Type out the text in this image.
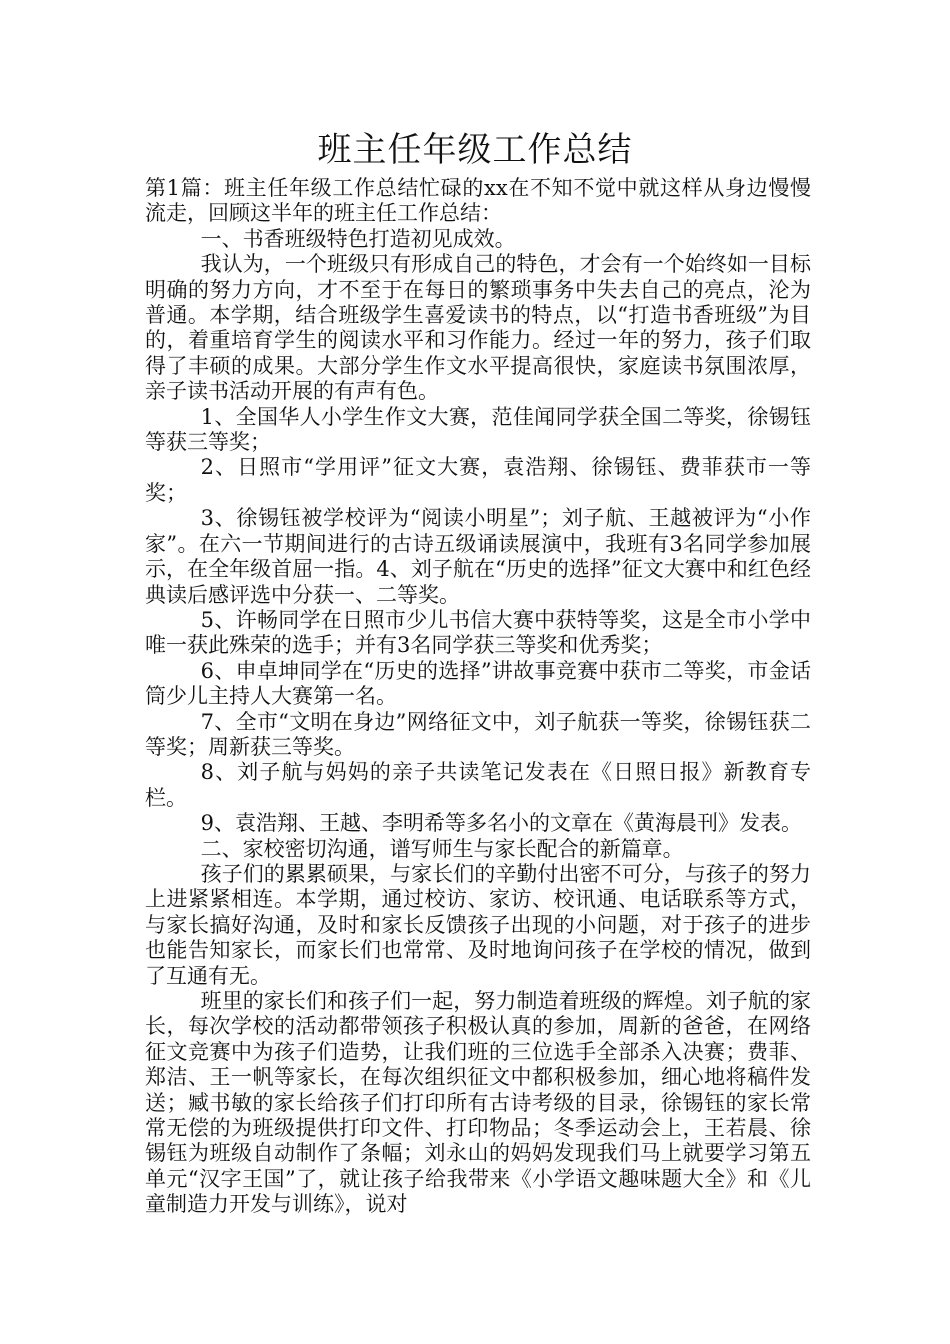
班主任年级工作总结

第1篇：班主任年级工作总结忙碌的xx在不知不觉中就这样从身边慢慢流走，回顾这半年的班主任工作总结：

一、书香班级特色打造初见成效。

我认为，一个班级只有形成自己的特色，才会有一个始终如一目标明确的努力方向，才不至于在每日的繁琐事务中失去自己的亮点，沦为普通。本学期，结合班级学生喜爱读书的特点，以“打造书香班级”为目的，着重培育学生的阅读水平和习作能力。经过一年的努力，孩子们取得了丰硕的成果。大部分学生作文水平提高很快，家庭读书氛围浓厚，亲子读书活动开展的有声有色。

1、全国华人小学生作文大赛，范佳闻同学获全国二等奖，徐锡钰等获三等奖；

2、日照市“学用评”征文大赛，袁浩翔、徐锡钰、费菲获市一等奖；

3、徐锡钰被学校评为“阅读小明星”；刘子航、王越被评为“小作家”。在六一节期间进行的古诗五级诵读展演中，我班有3名同学参加展示，在全年级首屈一指。4、刘子航在“历史的选择”征文大赛中和红色经典读后感评选中分获一、二等奖。

5、许畅同学在日照市少儿书信大赛中获特等奖，这是全市小学中唯一获此殊荣的选手；并有3名同学获三等奖和优秀奖；

6、申卓坤同学在“历史的选择”讲故事竞赛中获市二等奖，市金话筒少儿主持人大赛第一名。

7、全市“文明在身边”网络征文中，刘子航获一等奖，徐锡钰获二等奖；周新获三等奖。

8、刘子航与妈妈的亲子共读笔记发表在《日照日报》新教育专栏。

9、袁浩翔、王越、李明希等多名小的文章在《黄海晨刊》发表。

二、家校密切沟通，谱写师生与家长配合的新篇章。

孩子们的累累硕果，与家长们的辛勤付出密不可分，与孩子的努力上进紧紧相连。本学期，通过校访、家访、校讯通、电话联系等方式，与家长搞好沟通，及时和家长反馈孩子出现的小问题，对于孩子的进步也能告知家长，而家长们也常常、及时地询问孩子在学校的情况，做到了互通有无。

班里的家长们和孩子们一起，努力制造着班级的辉煌。刘子航的家长，每次学校的活动都带领孩子积极认真的参加，周新的爸爸，在网络征文竞赛中为孩子们造势，让我们班的三位选手全部杀入决赛；费菲、郑洁、王一帆等家长，在每次组织征文中都积极参加，细心地将稿件发送；臧书敏的家长给孩子们打印所有古诗考级的目录，徐锡钰的家长常常无偿的为班级提供打印文件、打印物品；冬季运动会上，王若晨、徐锡钰为班级自动制作了条幅；刘永山的妈妈发现我们马上就要学习第五单元“汉字王国”了，就让孩子给我带来《小学语文趣味题大全》和《儿童制造力开发与训练》，说对
